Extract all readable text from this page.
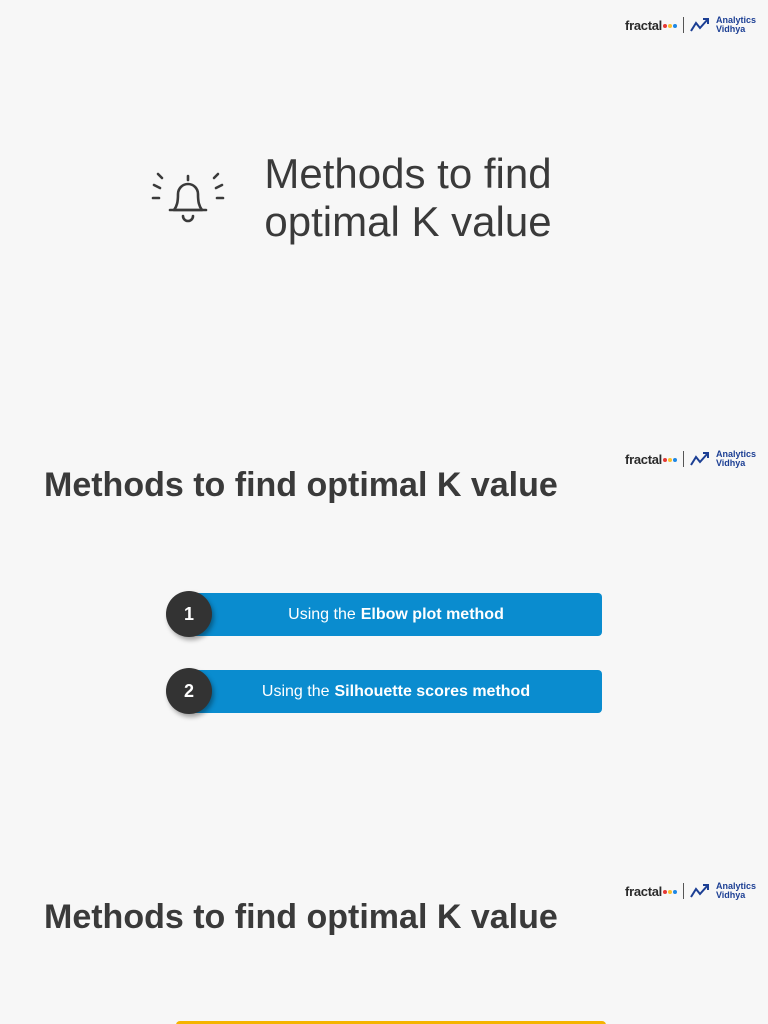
fractal	Analytics
Vidhya
Methods to find
optimal K value
fractal	Analytics
Vidhya
Methods to find optimal K value
Using the Elbow plot method
1
Using the Silhouette scores method
2
fractal	Analytics
Vidhya
Methods to find optimal K value
